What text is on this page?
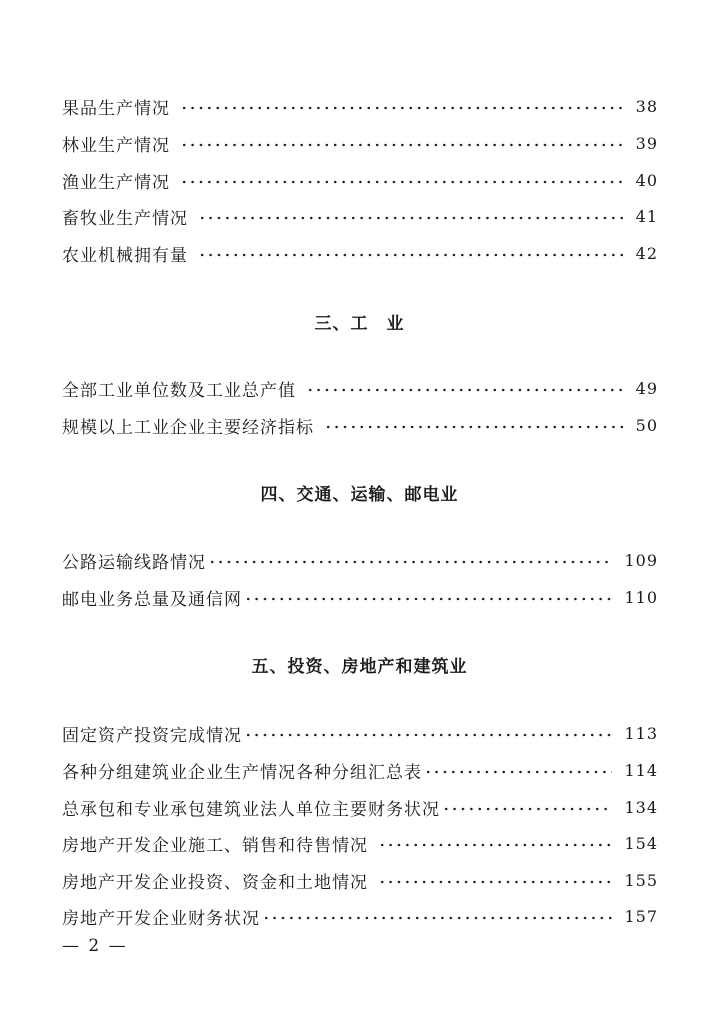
果品生产情况	38
林业生产情况	39
渔业生产情况	40
畜牧业生产情况	41
农业机械拥有量	42
三、工　业
全部工业单位数及工业总产值	49
规模以上工业企业主要经济指标	50
四、交通、运输、邮电业
公路运输线路情况	109
邮电业务总量及通信网	110
五、投资、房地产和建筑业
固定资产投资完成情况	113
各种分组建筑业企业生产情况各种分组汇总表	114
总承包和专业承包建筑业法人单位主要财务状况	134
房地产开发企业施工、销售和待售情况	154
房地产开发企业投资、资金和土地情况	155
房地产开发企业财务状况	157
— 2 —
